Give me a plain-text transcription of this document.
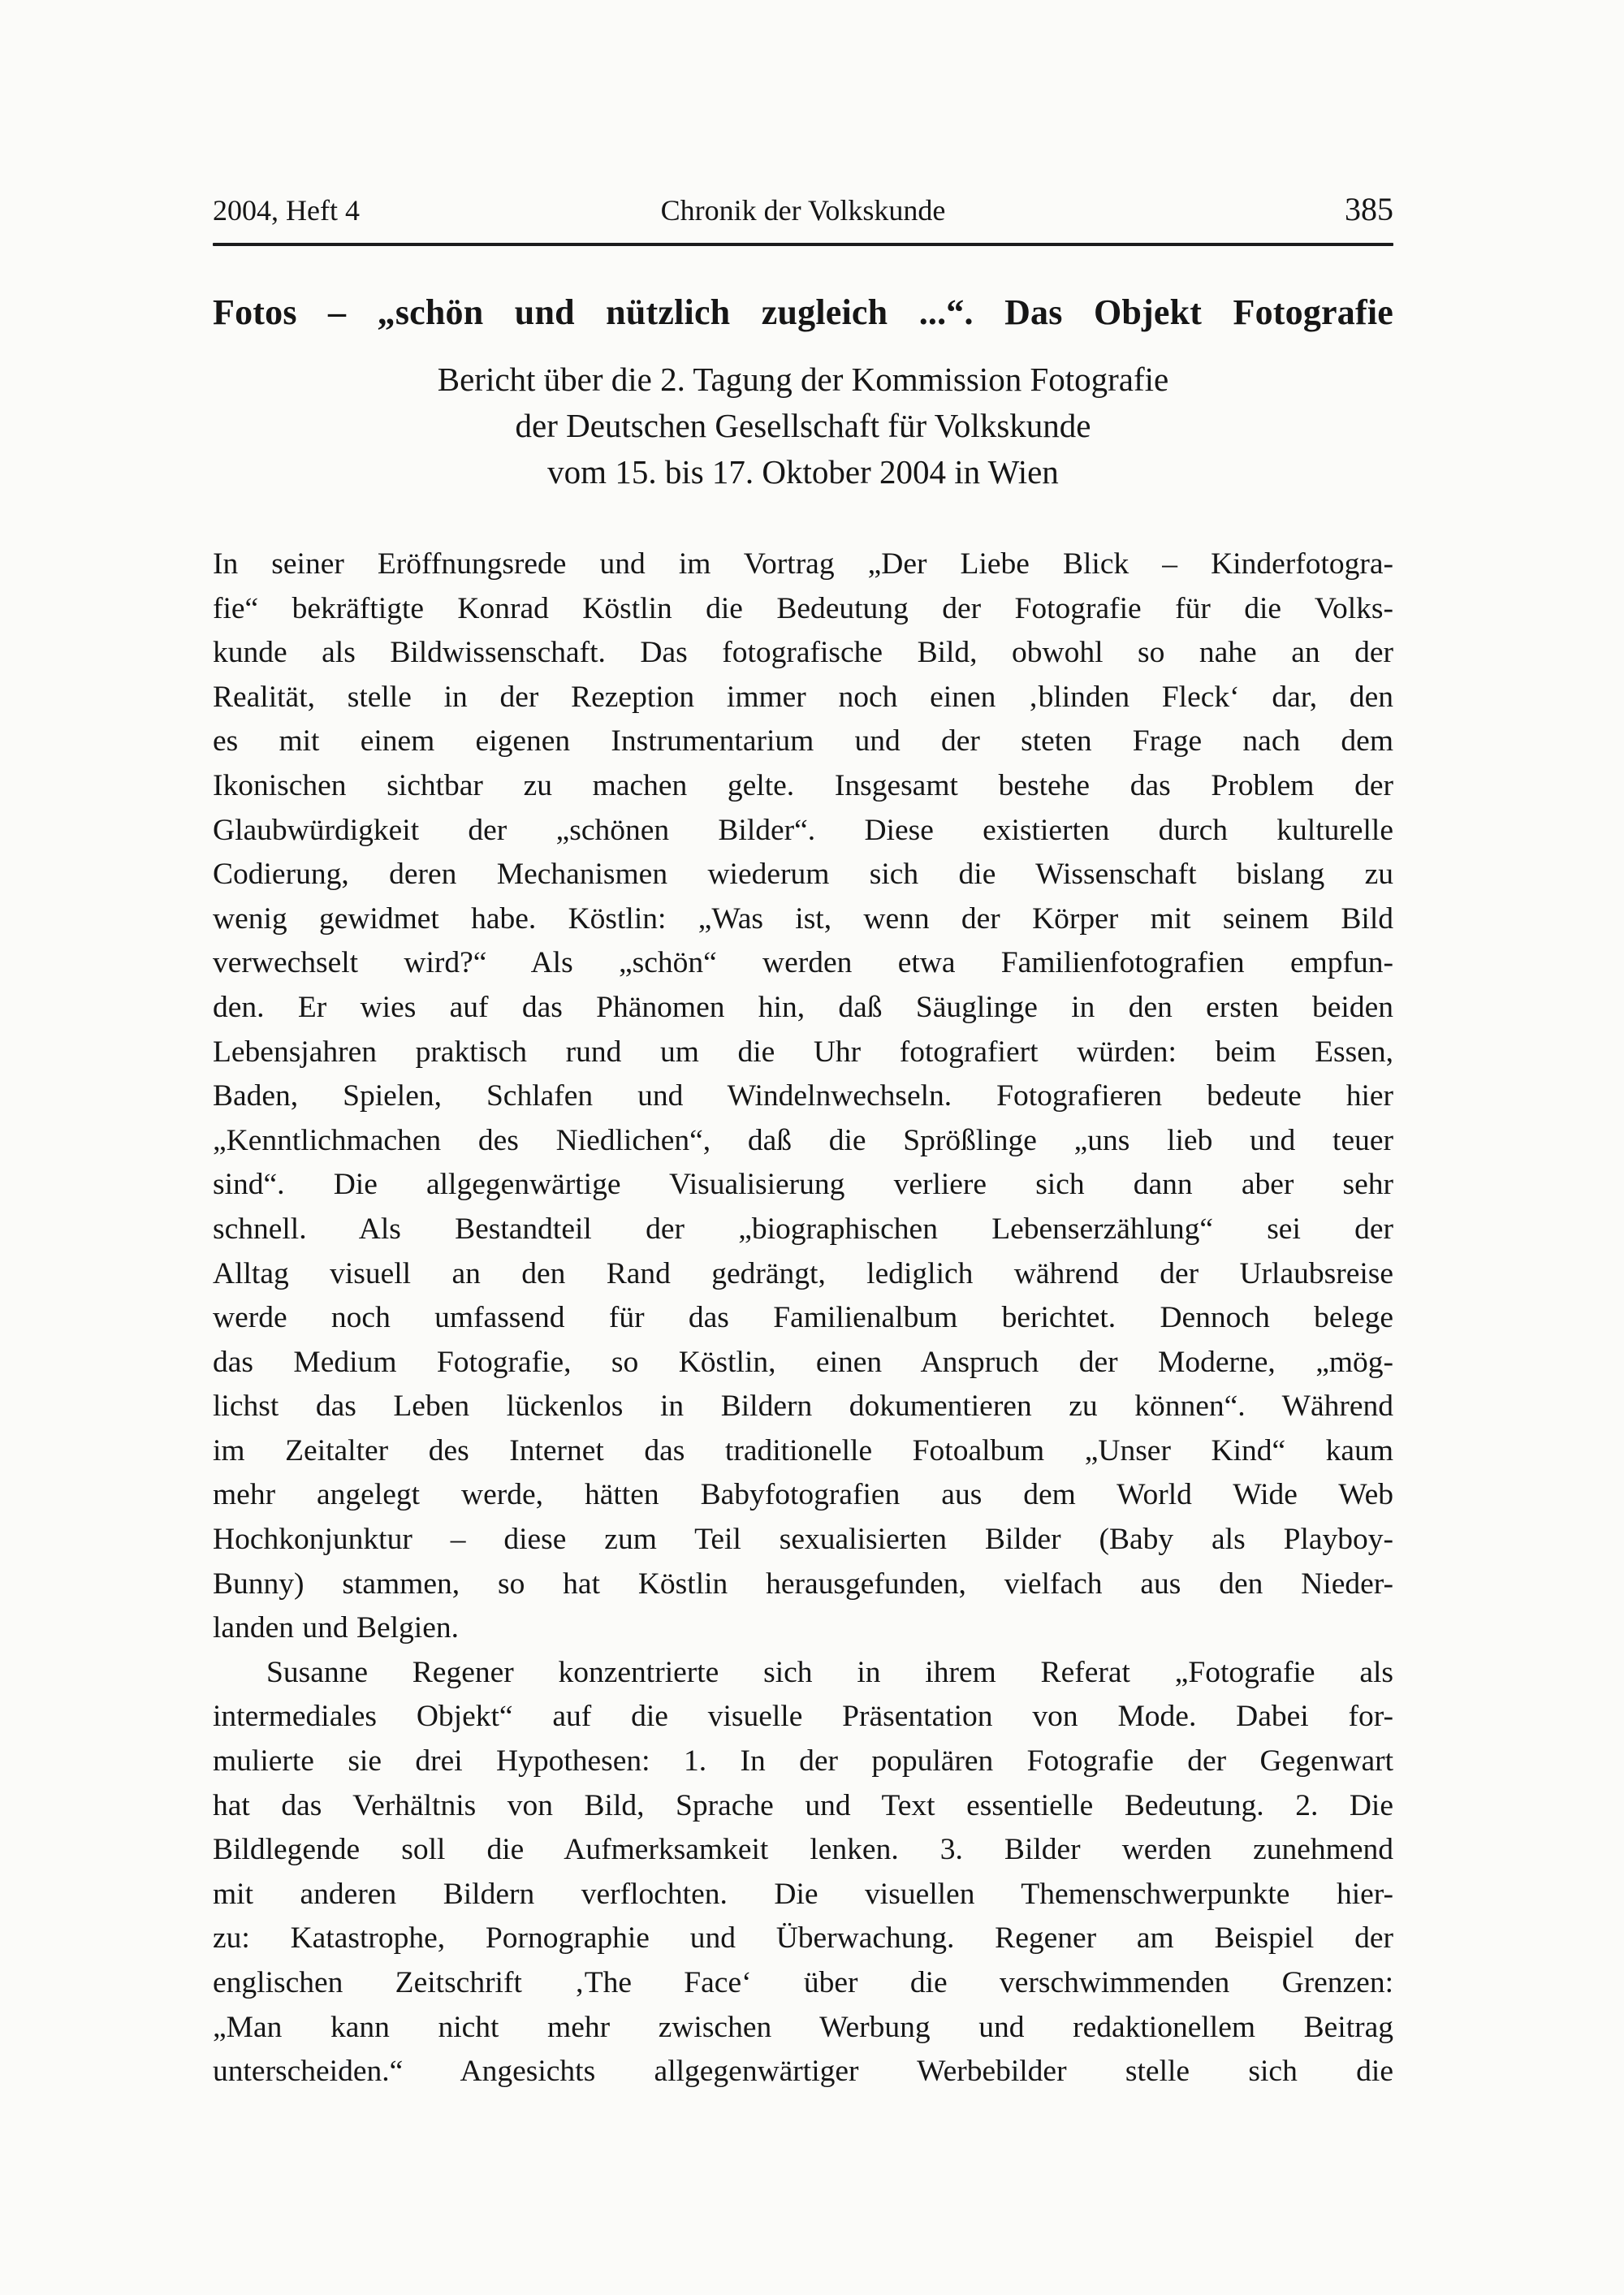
2004, Heft 4	Chronik der Volkskunde	385
Fotos – „schön und nützlich zugleich ...“. Das Objekt Fotografie
Bericht über die 2. Tagung der Kommission Fotografie
der Deutschen Gesellschaft für Volkskunde
vom 15. bis 17. Oktober 2004 in Wien
In seiner Eröffnungsrede und im Vortrag „Der Liebe Blick – Kinderfotogra-
fie“ bekräftigte Konrad Köstlin die Bedeutung der Fotografie für die Volks-
kunde als Bildwissenschaft. Das fotografische Bild, obwohl so nahe an der
Realität, stelle in der Rezeption immer noch einen ‚blinden Fleck‘ dar, den
es mit einem eigenen Instrumentarium und der steten Frage nach dem
Ikonischen sichtbar zu machen gelte. Insgesamt bestehe das Problem der
Glaubwürdigkeit der „schönen Bilder“. Diese existierten durch kulturelle
Codierung, deren Mechanismen wiederum sich die Wissenschaft bislang zu
wenig gewidmet habe. Köstlin: „Was ist, wenn der Körper mit seinem Bild
verwechselt wird?“ Als „schön“ werden etwa Familienfotografien empfun-
den. Er wies auf das Phänomen hin, daß Säuglinge in den ersten beiden
Lebensjahren praktisch rund um die Uhr fotografiert würden: beim Essen,
Baden, Spielen, Schlafen und Windelnwechseln. Fotografieren bedeute hier
„Kenntlichmachen des Niedlichen“, daß die Sprößlinge „uns lieb und teuer
sind“. Die allgegenwärtige Visualisierung verliere sich dann aber sehr
schnell. Als Bestandteil der „biographischen Lebenserzählung“ sei der
Alltag visuell an den Rand gedrängt, lediglich während der Urlaubsreise
werde noch umfassend für das Familienalbum berichtet. Dennoch belege
das Medium Fotografie, so Köstlin, einen Anspruch der Moderne, „mög-
lichst das Leben lückenlos in Bildern dokumentieren zu können“. Während
im Zeitalter des Internet das traditionelle Fotoalbum „Unser Kind“ kaum
mehr angelegt werde, hätten Babyfotografien aus dem World Wide Web
Hochkonjunktur – diese zum Teil sexualisierten Bilder (Baby als Playboy-
Bunny) stammen, so hat Köstlin herausgefunden, vielfach aus den Nieder-
landen und Belgien.
Susanne Regener konzentrierte sich in ihrem Referat „Fotografie als
intermediales Objekt“ auf die visuelle Präsentation von Mode. Dabei for-
mulierte sie drei Hypothesen: 1. In der populären Fotografie der Gegenwart
hat das Verhältnis von Bild, Sprache und Text essentielle Bedeutung. 2. Die
Bildlegende soll die Aufmerksamkeit lenken. 3. Bilder werden zunehmend
mit anderen Bildern verflochten. Die visuellen Themenschwerpunkte hier-
zu: Katastrophe, Pornographie und Überwachung. Regener am Beispiel der
englischen Zeitschrift ‚The Face‘ über die verschwimmenden Grenzen:
„Man kann nicht mehr zwischen Werbung und redaktionellem Beitrag
unterscheiden.“ Angesichts allgegenwärtiger Werbebilder stelle sich die
